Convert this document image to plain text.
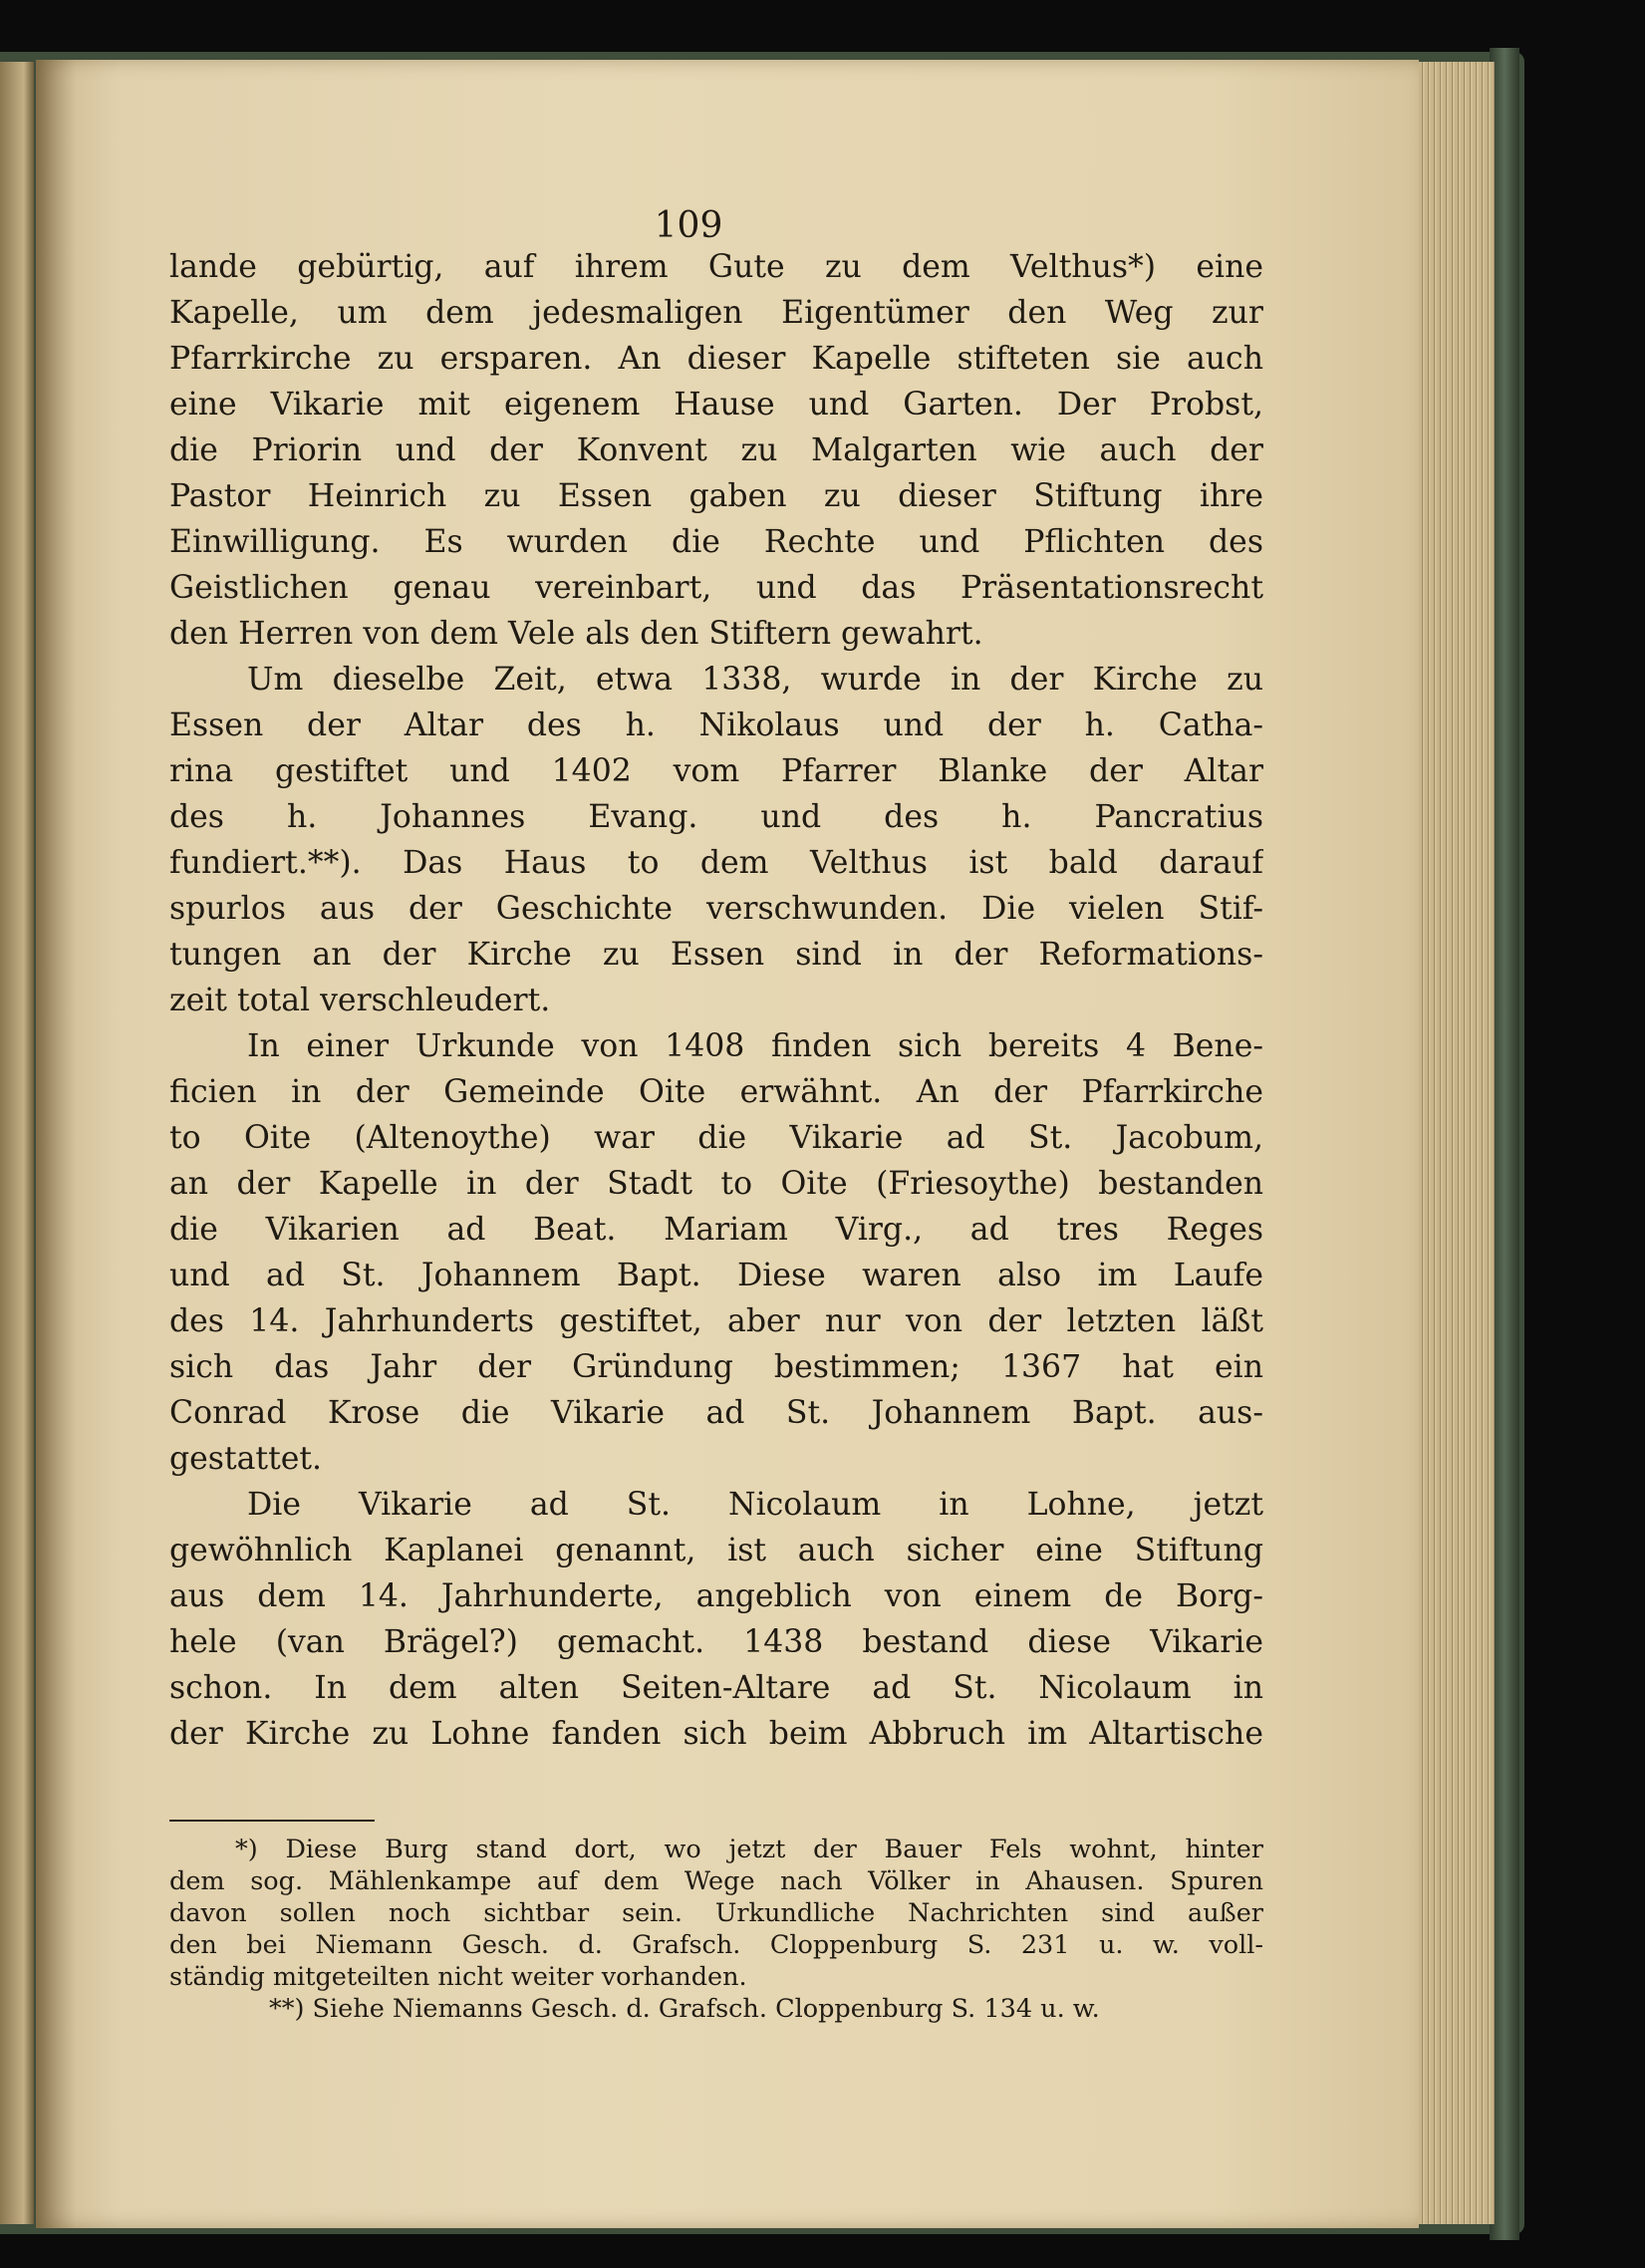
109
lande gebürtig, auf ihrem Gute zu dem Velthus*) eine
Kapelle, um dem jedesmaligen Eigentümer den Weg zur
Pfarrkirche zu ersparen. An dieser Kapelle stifteten sie auch
eine Vikarie mit eigenem Hause und Garten. Der Probst,
die Priorin und der Konvent zu Malgarten wie auch der
Pastor Heinrich zu Essen gaben zu dieser Stiftung ihre
Einwilligung. Es wurden die Rechte und Pflichten des
Geistlichen genau vereinbart, und das Präsentationsrecht
den Herren von dem Vele als den Stiftern gewahrt.
Um dieselbe Zeit, etwa 1338, wurde in der Kirche zu
Essen der Altar des h. Nikolaus und der h. Catha-
rina gestiftet und 1402 vom Pfarrer Blanke der Altar
des h. Johannes Evang. und des h. Pancratius
fundiert.**). Das Haus to dem Velthus ist bald darauf
spurlos aus der Geschichte verschwunden. Die vielen Stif-
tungen an der Kirche zu Essen sind in der Reformations-
zeit total verschleudert.
In einer Urkunde von 1408 finden sich bereits 4 Bene-
ficien in der Gemeinde Oite erwähnt. An der Pfarrkirche
to Oite (Altenoythe) war die Vikarie ad St. Jacobum,
an der Kapelle in der Stadt to Oite (Friesoythe) bestanden
die Vikarien ad Beat. Mariam Virg., ad tres Reges
und ad St. Johannem Bapt. Diese waren also im Laufe
des 14. Jahrhunderts gestiftet, aber nur von der letzten läßt
sich das Jahr der Gründung bestimmen; 1367 hat ein
Conrad Krose die Vikarie ad St. Johannem Bapt. aus-
gestattet.
Die Vikarie ad St. Nicolaum in Lohne, jetzt
gewöhnlich Kaplanei genannt, ist auch sicher eine Stiftung
aus dem 14. Jahrhunderte, angeblich von einem de Borg-
hele (van Brägel?) gemacht. 1438 bestand diese Vikarie
schon. In dem alten Seiten-Altare ad St. Nicolaum in
der Kirche zu Lohne fanden sich beim Abbruch im Altartische
*) Diese Burg stand dort, wo jetzt der Bauer Fels wohnt, hinter
dem sog. Mählenkampe auf dem Wege nach Völker in Ahausen. Spuren
davon sollen noch sichtbar sein. Urkundliche Nachrichten sind außer
den bei Niemann Gesch. d. Grafsch. Cloppenburg S. 231 u. w. voll-
ständig mitgeteilten nicht weiter vorhanden.
**) Siehe Niemanns Gesch. d. Grafsch. Cloppenburg S. 134 u. w.
